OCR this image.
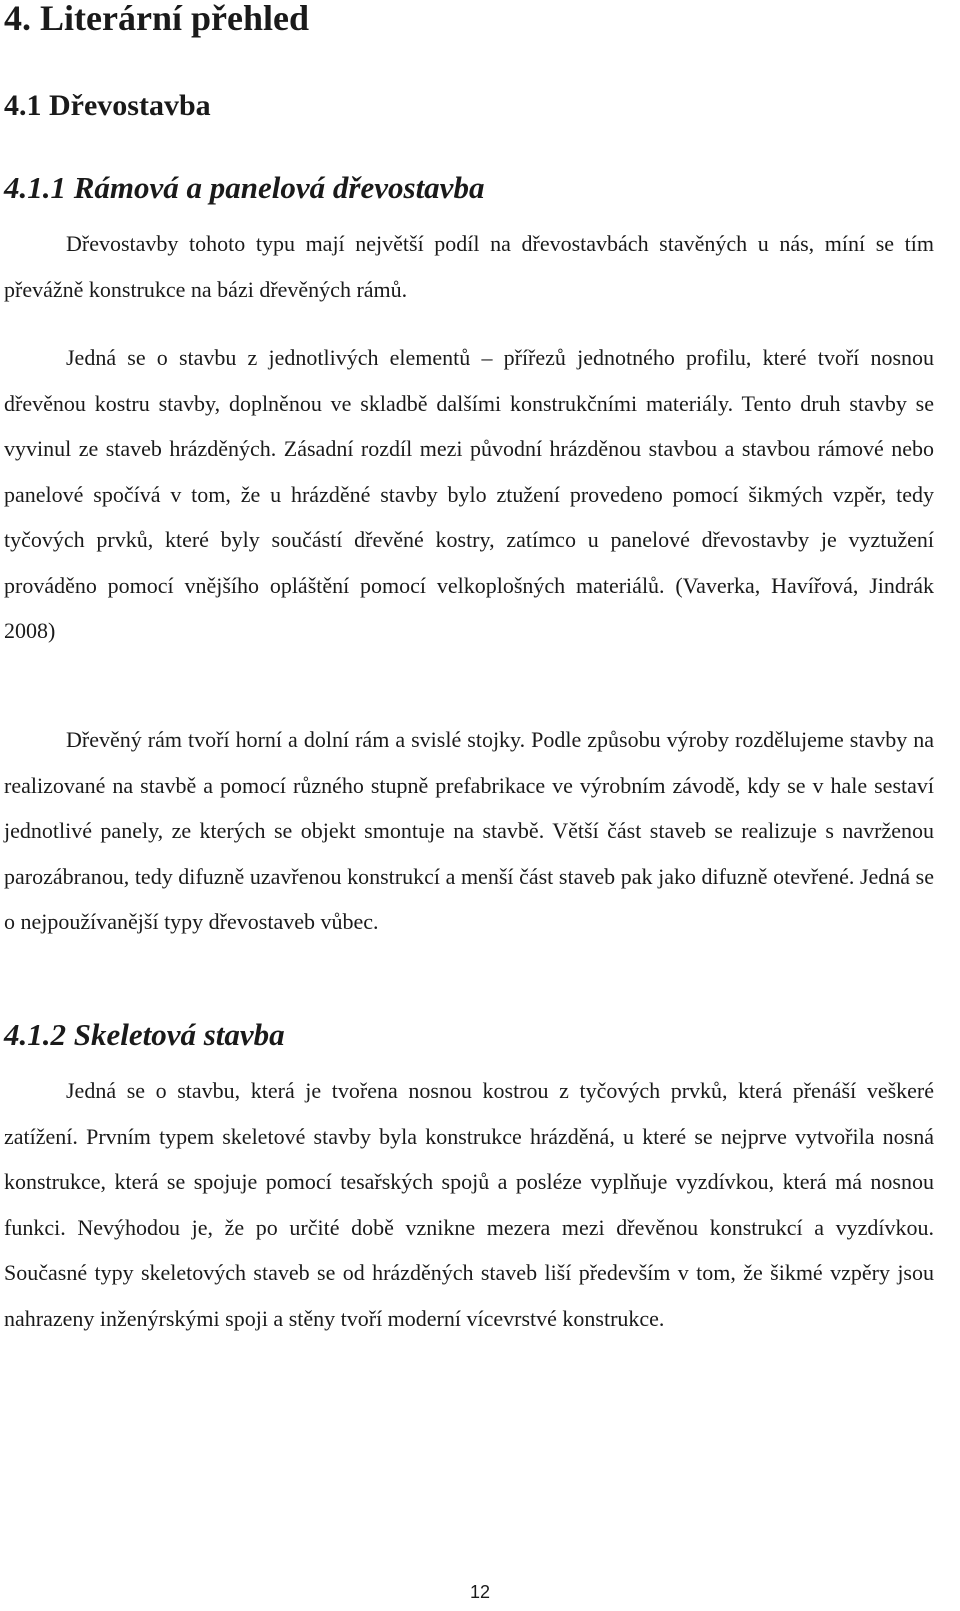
4. Literární přehled
4.1 Dřevostavba
4.1.1 Rámová a panelová dřevostavba

Dřevostavby tohoto typu mají největší podíl na dřevostavbách stavěných u nás, míní se tím převážně konstrukce na bázi dřevěných rámů.

Jedná se o stavbu z jednotlivých elementů – přířezů jednotného profilu, které tvoří nosnou dřevěnou kostru stavby, doplněnou ve skladbě dalšími konstrukčními materiály. Tento druh stavby se vyvinul ze staveb hrázděných. Zásadní rozdíl mezi původní hrázděnou stavbou a stavbou rámové nebo panelové spočívá v tom, že u hrázděné stavby bylo ztužení provedeno pomocí šikmých vzpěr, tedy tyčových prvků, které byly součástí dřevěné kostry, zatímco u panelové dřevostavby je vyztužení prováděno pomocí vnějšího opláštění pomocí velkoplošných materiálů. (Vaverka, Havířová, Jindrák 2008)

Dřevěný rám tvoří horní a dolní rám a svislé stojky. Podle způsobu výroby rozdělujeme stavby na realizované na stavbě a pomocí různého stupně prefabrikace ve výrobním závodě, kdy se v hale sestaví jednotlivé panely, ze kterých se objekt smontuje na stavbě. Větší část staveb se realizuje s navrženou parozábranou, tedy difuzně uzavřenou konstrukcí a menší část staveb pak jako difuzně otevřené. Jedná se o nejpoužívanější typy dřevostaveb vůbec.

4.1.2 Skeletová stavba

Jedná se o stavbu, která je tvořena nosnou kostrou z tyčových prvků, která přenáší veškeré zatížení. Prvním typem skeletové stavby byla konstrukce hrázděná, u které se nejprve vytvořila nosná konstrukce, která se spojuje pomocí tesařských spojů a posléze vyplňuje vyzdívkou, která má nosnou funkci. Nevýhodou je, že po určité době vznikne mezera mezi dřevěnou konstrukcí a vyzdívkou. Současné typy skeletových staveb se od hrázděných staveb liší především v tom, že šikmé vzpěry jsou nahrazeny inženýrskými spoji a stěny tvoří moderní vícevrstvé konstrukce.

12
